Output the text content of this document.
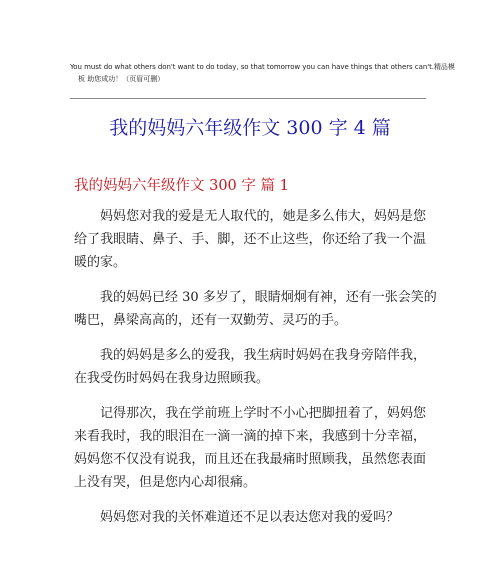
You must do what others don't want to do today, so that tomorrow you can have things that others can't.精品模
板 助您成功！（页眉可删）
我的妈妈六年级作文 300 字 4 篇
我的妈妈六年级作文 300 字 篇 1
妈妈您对我的爱是无人取代的，她是多么伟大，妈妈是您
给了我眼睛、鼻子、手、脚，还不止这些，你还给了我一个温
暖的家。
我的妈妈已经 30 多岁了，眼睛炯炯有神，还有一张会笑的
嘴巴，鼻梁高高的，还有一双勤劳、灵巧的手。
我的妈妈是多么的爱我，我生病时妈妈在我身旁陪伴我，
在我受伤时妈妈在我身边照顾我。
记得那次，我在学前班上学时不小心把脚扭着了，妈妈您
来看我时，我的眼泪在一滴一滴的掉下来，我感到十分幸福，
妈妈您不仅没有说我，而且还在我最痛时照顾我，虽然您表面
上没有哭，但是您内心却很痛。
妈妈您对我的关怀难道还不足以表达您对我的爱吗？
